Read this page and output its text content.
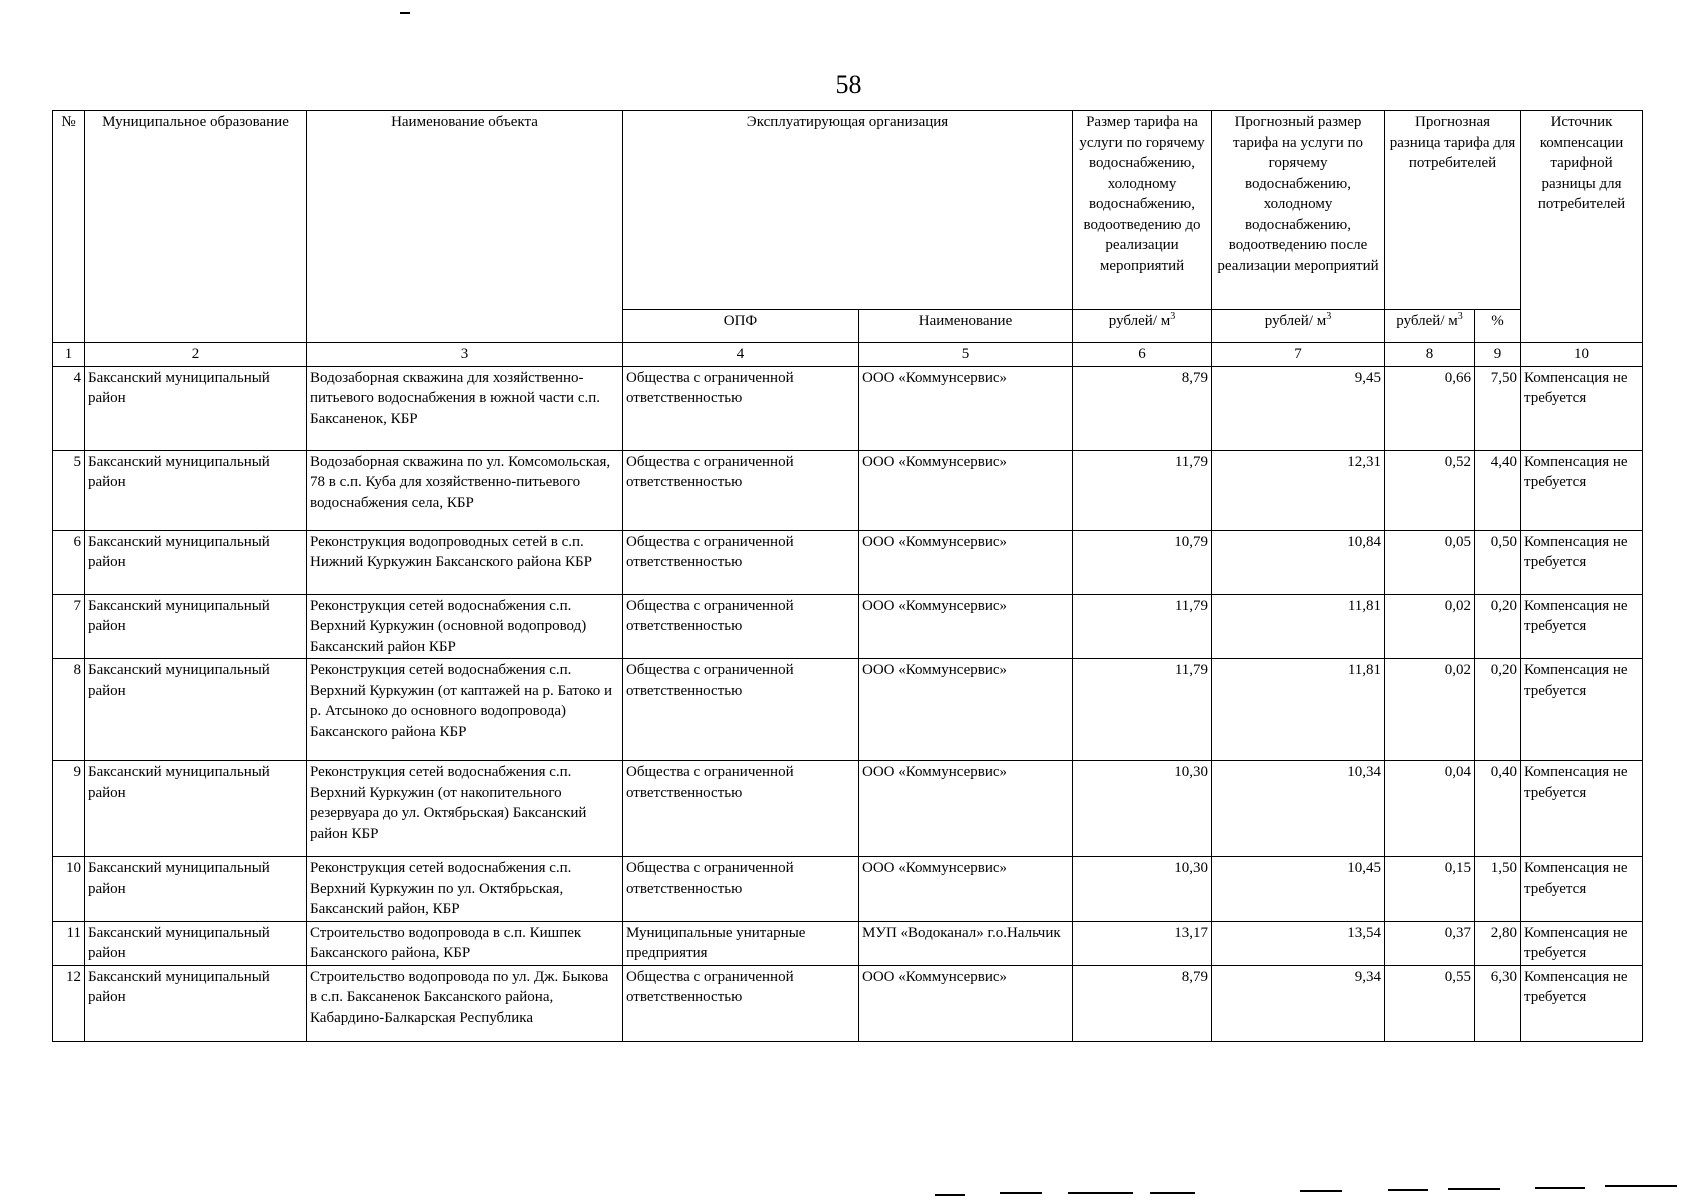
58
№	Муниципальное образование	Наименование объекта	Эксплуатирующая организация		Размер тарифа на услуги по горячему водоснабжению, холодному водоснабжению, водоотведению до реализации мероприятий	Прогнозный размер тарифа на услуги по горячему водоснабжению, холодному водоснабжению, водоотведению после реализации мероприятий	Прогнозная разница тарифа для потребителей		Источник компенсации тарифной разницы для потребителей
			ОПФ	Наименование	рублей/ $м^3$	рублей/ $м^3$	рублей/ $м^3$	%	
1	2	3	4	5	6	7	8	9	10
4	Баксанский муниципальный район	Водозаборная скважина для хозяйственно-питьевого водоснабжения в южной части с.п. Баксаненок, КБР	Общества с ограниченной ответственностью	ООО «Коммунсервис»	8,79	9,45	0,66	7,50	Компенсация не требуется
5	Баксанский муниципальный район	Водозаборная скважина по ул. Комсомольская, 78 в с.п. Куба для хозяйственно-питьевого водоснабжения села, КБР	Общества с ограниченной ответственностью	ООО «Коммунсервис»	11,79	12,31	0,52	4,40	Компенсация не требуется
6	Баксанский муниципальный район	Реконструкция водопроводных сетей в с.п. Нижний Куркужин Баксанского района КБР	Общества с ограниченной ответственностью	ООО «Коммунсервис»	10,79	10,84	0,05	0,50	Компенсация не требуется
7	Баксанский муниципальный район	Реконструкция сетей водоснабжения с.п. Верхний Куркужин (основной водопровод) Баксанский район КБР	Общества с ограниченной ответственностью	ООО «Коммунсервис»	11,79	11,81	0,02	0,20	Компенсация не требуется
8	Баксанский муниципальный район	Реконструкция сетей водоснабжения с.п. Верхний Куркужин (от каптажей на р. Батоко и р. Атсыноко до основного водопровода) Баксанского района КБР	Общества с ограниченной ответственностью	ООО «Коммунсервис»	11,79	11,81	0,02	0,20	Компенсация не требуется
9	Баксанский муниципальный район	Реконструкция сетей водоснабжения с.п. Верхний Куркужин (от накопительного резервуара до ул. Октябрьская) Баксанский район КБР	Общества с ограниченной ответственностью	ООО «Коммунсервис»	10,30	10,34	0,04	0,40	Компенсация не требуется
10	Баксанский муниципальный район	Реконструкция сетей водоснабжения с.п. Верхний Куркужин по ул. Октябрьская, Баксанский район, КБР	Общества с ограниченной ответственностью	ООО «Коммунсервис»	10,30	10,45	0,15	1,50	Компенсация не требуется
11	Баксанский муниципальный район	Строительство водопровода в с.п. Кишпек Баксанского района, КБР	Муниципальные унитарные предприятия	МУП «Водоканал» г.о.Нальчик	13,17	13,54	0,37	2,80	Компенсация не требуется
12	Баксанский муниципальный район	Строительство водопровода по ул. Дж. Быкова в с.п. Баксаненок Баксанского района, Кабардино-Балкарская Республика	Общества с ограниченной ответственностью	ООО «Коммунсервис»	8,79	9,34	0,55	6,30	Компенсация не требуется
